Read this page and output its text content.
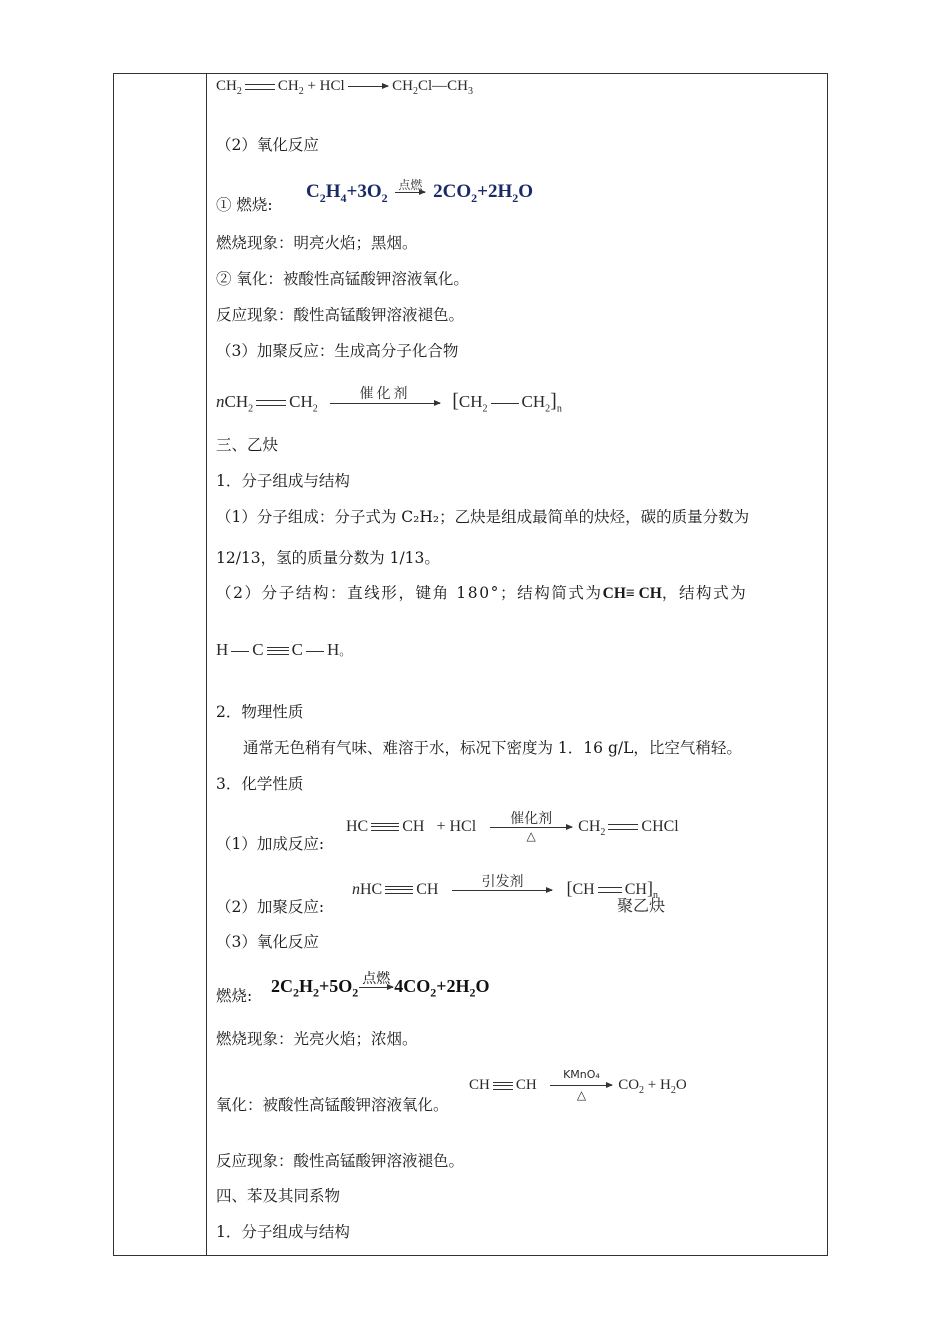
$CH_2$ $CH_2$ + HCl	$CH_2Cl—CH_3$
（2）氧化反应
① 燃烧:
$C_2H_4+3O_2$
点燃 $2CO_2+2H_2O$
燃烧现象：明亮火焰；黑烟。
② 氧化：被酸性高锰酸钾溶液氧化。
反应现象：酸性高锰酸钾溶液褪色。
（3）加聚反应：生成高分子化合物
nCH$_2$ $CH_2$
催化剂	[$CH_2$ $CH_2]_n$
三、乙炔
1．分子组成与结构
（1）分子组成：分子式为 C₂H₂；乙炔是组成最简单的炔烃，碳的质量分数为
12/13，氢的质量分数为 1/13。
（2）分子结构：直线形，键角 180°；结构简式为CH≡ CH，结构式为
H C C H。
2．物理性质
通常无色稍有气味、难溶于水，标况下密度为 1．16 g/L，比空气稍轻。
3．化学性质
（1）加成反应:
HC CH + HCl	催化剂
△
$CH_2$ CHCl
（2）加聚反应:
nHC CH	引发剂	[CH $CH]_n$
聚乙炔
（3）氧化反应
燃烧: $2C_2H_2+5O_2$
点燃 $4CO_2+2H_2O$
燃烧现象：光亮火焰；浓烟。
氧化：被酸性高锰酸钾溶液氧化。
CH CH
KMnO₄
△
$CO_2 + H_2O$
反应现象：酸性高锰酸钾溶液褪色。
四、苯及其同系物
1．分子组成与结构
